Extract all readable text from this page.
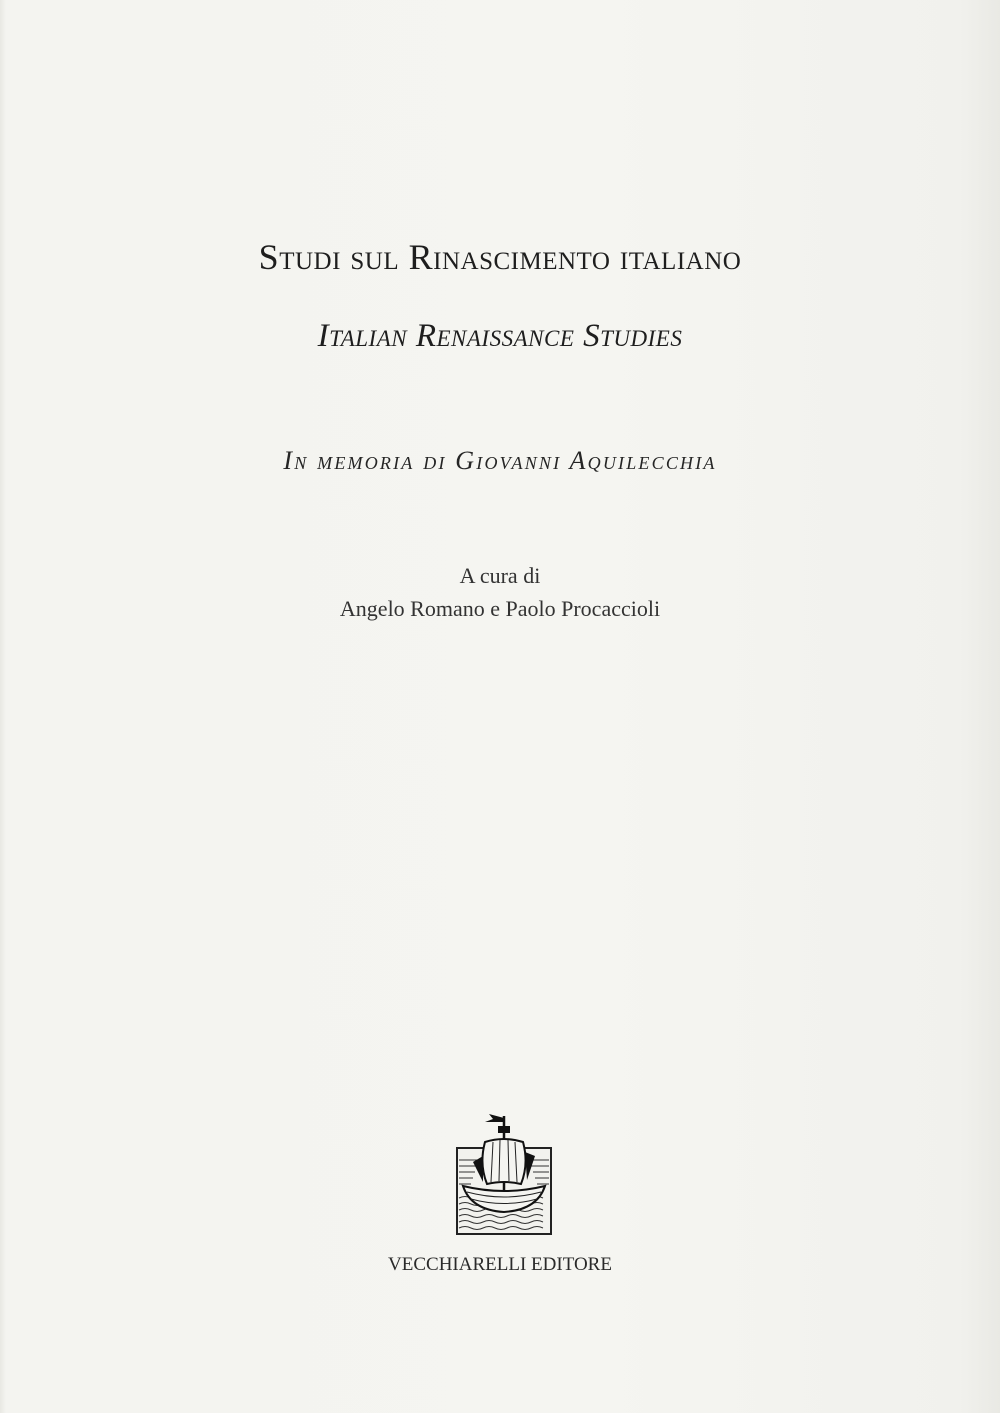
Studi sul Rinascimento italiano
Italian Renaissance Studies
In memoria di Giovanni Aquilecchia
A cura di
Angelo Romano e Paolo Procaccioli
VECCHIARELLI EDITORE
